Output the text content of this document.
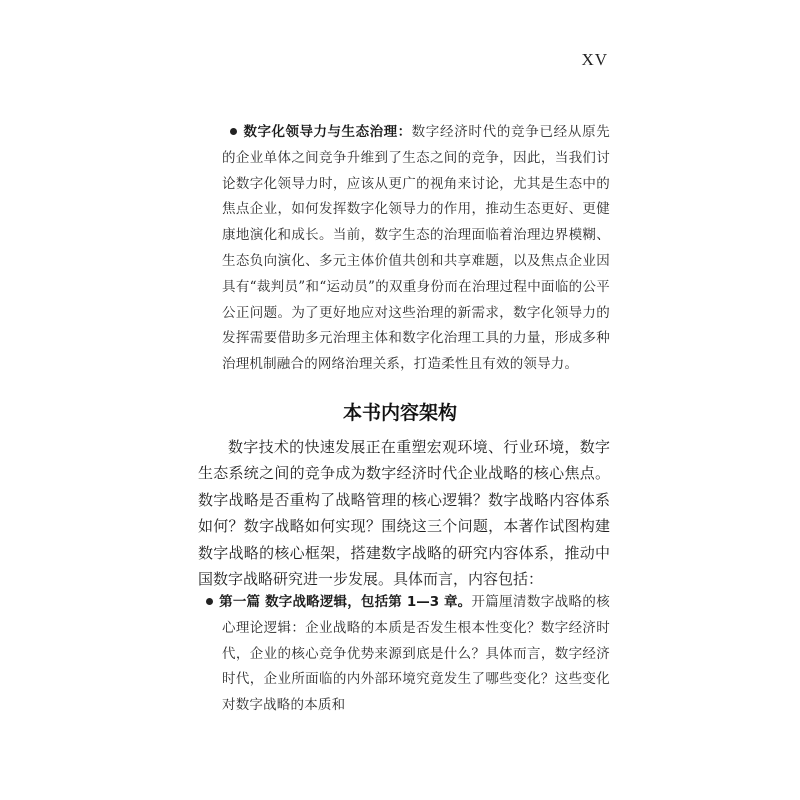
XV
数字化领导力与生态治理：数字经济时代的竞争已经从原先的企业单体之间竞争升维到了生态之间的竞争，因此，当我们讨论数字化领导力时，应该从更广的视角来讨论，尤其是生态中的焦点企业，如何发挥数字化领导力的作用，推动生态更好、更健康地演化和成长。当前，数字生态的治理面临着治理边界模糊、生态负向演化、多元主体价值共创和共享难题，以及焦点企业因具有“裁判员”和“运动员”的双重身份而在治理过程中面临的公平公正问题。为了更好地应对这些治理的新需求，数字化领导力的发挥需要借助多元治理主体和数字化治理工具的力量，形成多种治理机制融合的网络治理关系，打造柔性且有效的领导力。
本书内容架构
数字技术的快速发展正在重塑宏观环境、行业环境，数字生态系统之间的竞争成为数字经济时代企业战略的核心焦点。数字战略是否重构了战略管理的核心逻辑？数字战略内容体系如何？数字战略如何实现？围绕这三个问题，本著作试图构建数字战略的核心框架，搭建数字战略的研究内容体系，推动中国数字战略研究进一步发展。具体而言，内容包括：
第一篇 数字战略逻辑，包括第 1—3 章。开篇厘清数字战略的核心理论逻辑：企业战略的本质是否发生根本性变化？数字经济时代，企业的核心竞争优势来源到底是什么？具体而言，数字经济时代，企业所面临的内外部环境究竟发生了哪些变化？这些变化对数字战略的本质和
